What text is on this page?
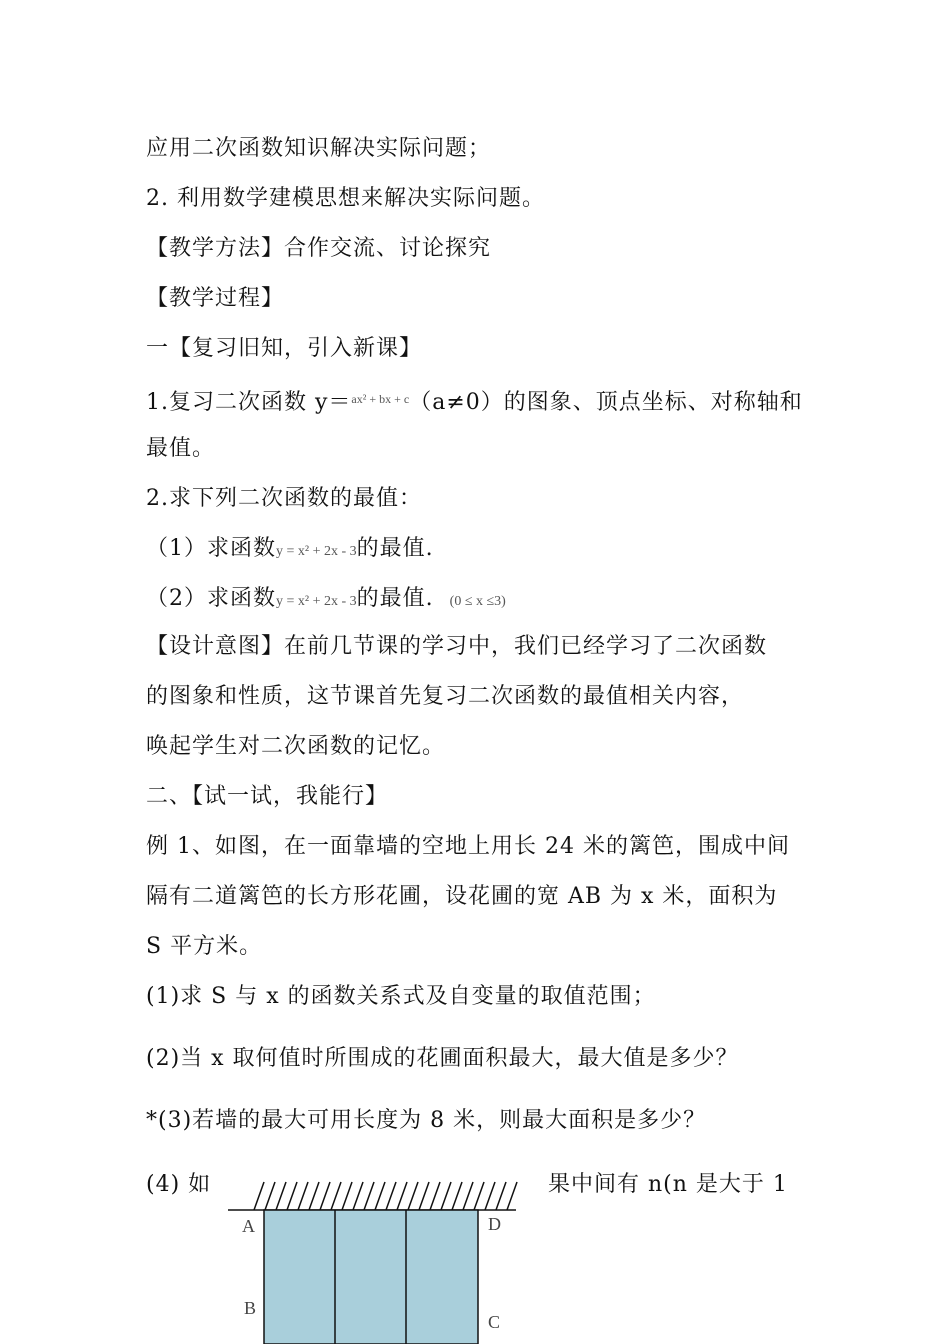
应用二次函数知识解决实际问题；
2. 利用数学建模思想来解决实际问题。
【教学方法】合作交流、讨论探究
【教学过程】
一【复习旧知，引入新课】
1.复习二次函数 y＝$^{ax^2 + bx + c}$（a≠0）的图象、顶点坐标、对称轴和
最值。
2.求下列二次函数的最值：
（1）求函数y = x² + 2x - 3的最值.
（2）求函数y = x² + 2x - 3的最值. (0 ≤ x ≤3)
【设计意图】在前几节课的学习中，我们已经学习了二次函数
的图象和性质，这节课首先复习二次函数的最值相关内容，
唤起学生对二次函数的记忆。
二、【试一试，我能行】
例 1、如图，在一面靠墙的空地上用长 24 米的篱笆，围成中间
隔有二道篱笆的长方形花圃，设花圃的宽 AB 为 x 米，面积为
S 平方米。
(1)求 S 与 x 的函数关系式及自变量的取值范围；
(2)当 x 取何值时所围成的花圃面积最大，最大值是多少？
*(3)若墙的最大可用长度为 8 米，则最大面积是多少？
(4) 如	果中间有 n(n 是大于 1
A
B
C
D
